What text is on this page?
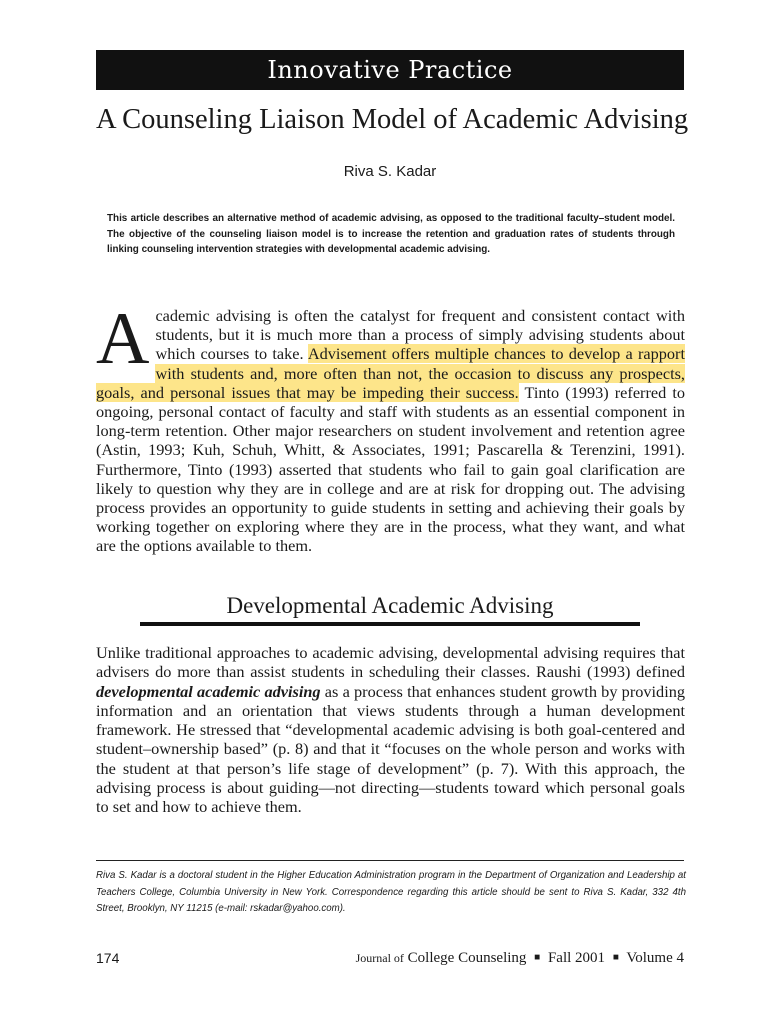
Innovative Practice
A Counseling Liaison Model of Academic Advising
Riva S. Kadar

This article describes an alternative method of academic advising, as opposed to the traditional faculty–student model. The objective of the counseling liaison model is to increase the retention and graduation rates of students through linking counseling intervention strategies with developmental academic advising.

Academic advising is often the catalyst for frequent and consistent contact with students, but it is much more than a process of simply advising students about which courses to take. Advisement offers multiple chances to develop a rapport with students and, more often than not, the occasion to discuss any prospects, goals, and personal issues that may be impeding their success. Tinto (1993) referred to ongoing, personal contact of faculty and staff with students as an essential component in long-term retention. Other major researchers on student involvement and retention agree (Astin, 1993; Kuh, Schuh, Whitt, & Associates, 1991; Pascarella & Terenzini, 1991). Furthermore, Tinto (1993) asserted that students who fail to gain goal clarification are likely to question why they are in college and are at risk for dropping out. The advising process provides an opportunity to guide students in setting and achieving their goals by working together on exploring where they are in the process, what they want, and what are the options available to them.

Developmental Academic Advising

Unlike traditional approaches to academic advising, developmental advising requires that advisers do more than assist students in scheduling their classes. Raushi (1993) defined developmental academic advising as a process that enhances student growth by providing information and an orientation that views students through a human development framework. He stressed that “developmental academic advising is both goal-centered and student–ownership based” (p. 8) and that it “focuses on the whole person and works with the student at that person’s life stage of development” (p. 7). With this approach, the advising process is about guiding—not directing—students toward which personal goals to set and how to achieve them.

Riva S. Kadar is a doctoral student in the Higher Education Administration program in the Department of Organization and Leadership at Teachers College, Columbia University in New York. Correspondence regarding this article should be sent to Riva S. Kadar, 332 4th Street, Brooklyn, NY 11215 (e-mail: rskadar@yahoo.com).

174	Journal of College Counseling ■ Fall 2001 ■ Volume 4
